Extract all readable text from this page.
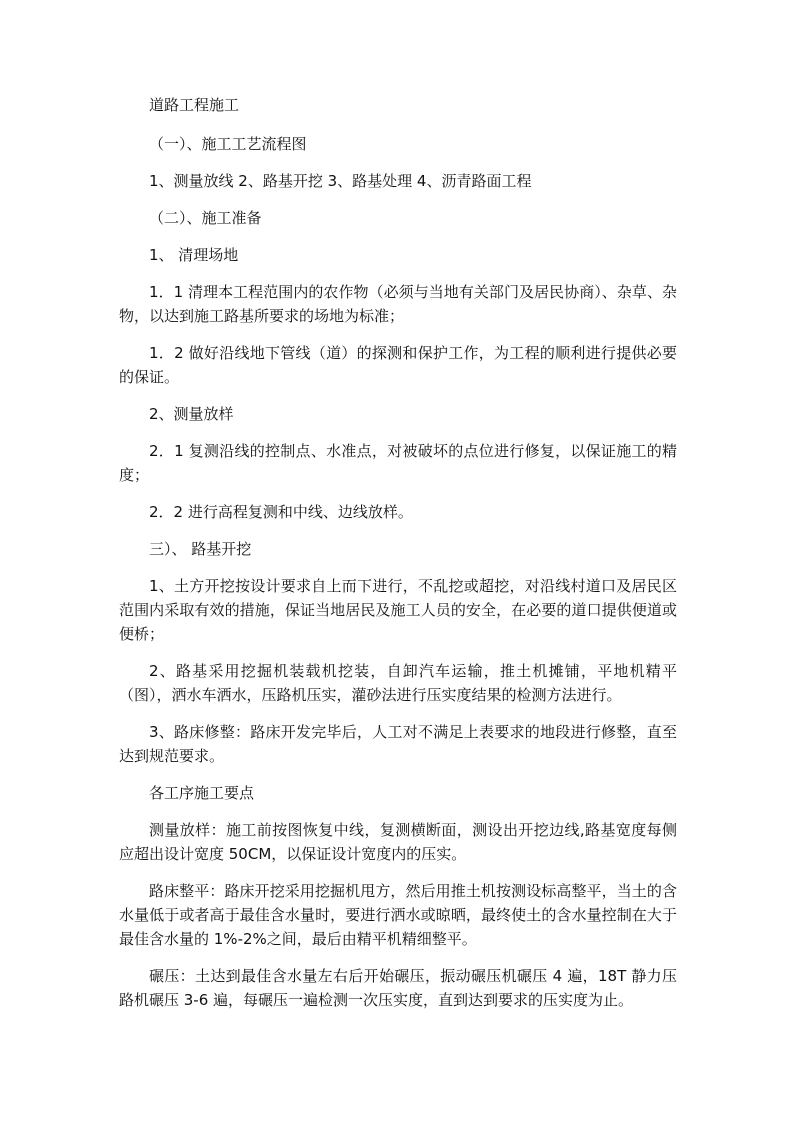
道路工程施工

（一）、施工工艺流程图

1、测量放线 2、路基开挖 3、路基处理 4、沥青路面工程

（二）、施工准备

1、 清理场地

1．1 清理本工程范围内的农作物（必须与当地有关部门及居民协商）、杂草、杂物，以达到施工路基所要求的场地为标准；

1．2 做好沿线地下管线（道）的探测和保护工作，为工程的顺利进行提供必要的保证。

2、测量放样

2．1 复测沿线的控制点、水准点，对被破坏的点位进行修复，以保证施工的精度；

2．2 进行高程复测和中线、边线放样。

三）、 路基开挖

1、土方开挖按设计要求自上而下进行，不乱挖或超挖，对沿线村道口及居民区范围内采取有效的措施，保证当地居民及施工人员的安全，在必要的道口提供便道或便桥；

2、路基采用挖掘机装载机挖装，自卸汽车运输，推土机摊铺，平地机精平（图），洒水车洒水，压路机压实，灌砂法进行压实度结果的检测方法进行。

3、路床修整：路床开发完毕后，人工对不满足上表要求的地段进行修整，直至达到规范要求。

各工序施工要点

测量放样：施工前按图恢复中线，复测横断面，测设出开挖边线,路基宽度每侧应超出设计宽度 50CM，以保证设计宽度内的压实。

路床整平：路床开挖采用挖掘机甩方，然后用推土机按测设标高整平，当土的含水量低于或者高于最佳含水量时，要进行洒水或晾晒，最终使土的含水量控制在大于最佳含水量的 1%-2%之间，最后由精平机精细整平。

碾压：土达到最佳含水量左右后开始碾压，振动碾压机碾压 4 遍，18T 静力压路机碾压 3-6 遍，每碾压一遍检测一次压实度，直到达到要求的压实度为止。
